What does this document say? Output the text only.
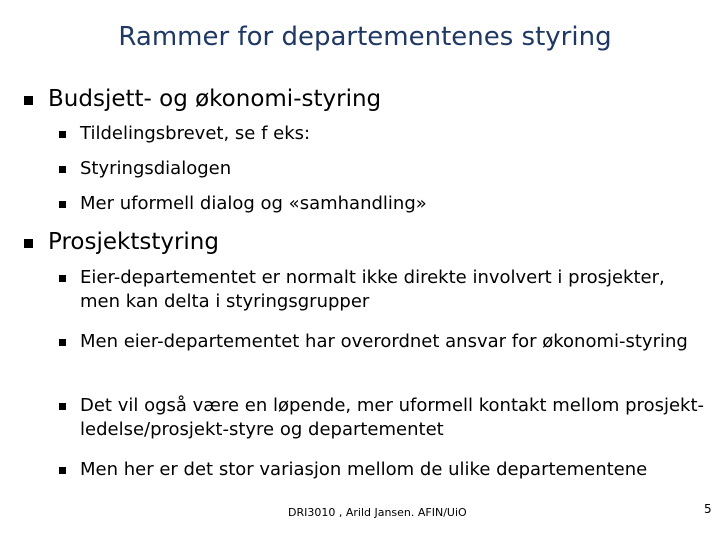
Rammer for departementenes styring

Budsjett- og økonomi-styring

Tildelingsbrevet, se f eks:

Styringsdialogen

Mer uformell dialog og «samhandling»

Prosjektstyring

Eier-departementet er normalt ikke direkte involvert i prosjekter, men kan delta i styringsgrupper

Men eier-departementet har overordnet ansvar for økonomi-styring

Det vil også være en løpende, mer uformell kontakt mellom prosjekt-ledelse/prosjekt-styre og departementet

Men her er det stor variasjon mellom de ulike departementene

DRI3010 , Arild Jansen. AFIN/UiO	5
